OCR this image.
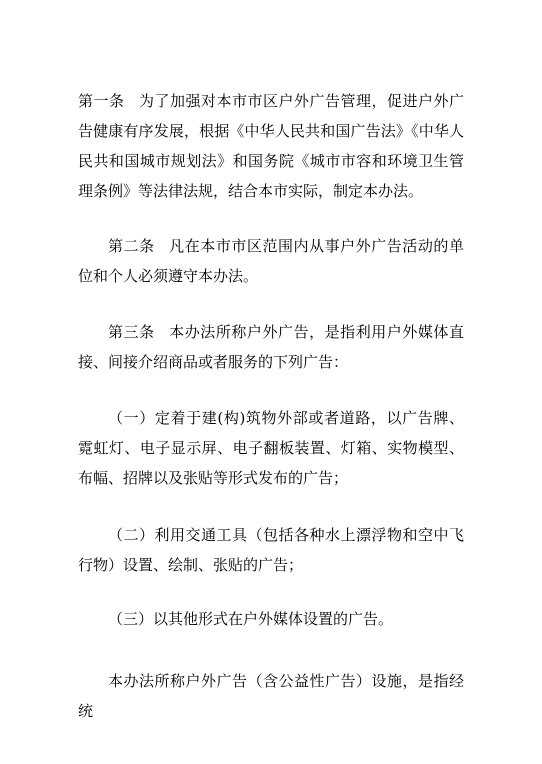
第一条 为了加强对本市市区户外广告管理，促进户外广告健康有序发展，根据《中华人民共和国广告法》《中华人民共和国城市规划法》和国务院《城市市容和环境卫生管理条例》等法律法规，结合本市实际，制定本办法。

第二条 凡在本市市区范围内从事户外广告活动的单位和个人必须遵守本办法。

第三条 本办法所称户外广告，是指利用户外媒体直接、间接介绍商品或者服务的下列广告：

（一）定着于建(构)筑物外部或者道路，以广告牌、霓虹灯、电子显示屏、电子翻板装置、灯箱、实物模型、布幅、招牌以及张贴等形式发布的广告；

（二）利用交通工具（包括各种水上漂浮物和空中飞行物）设置、绘制、张贴的广告；

（三）以其他形式在户外媒体设置的广告。

本办法所称户外广告（含公益性广告）设施，是指经统
